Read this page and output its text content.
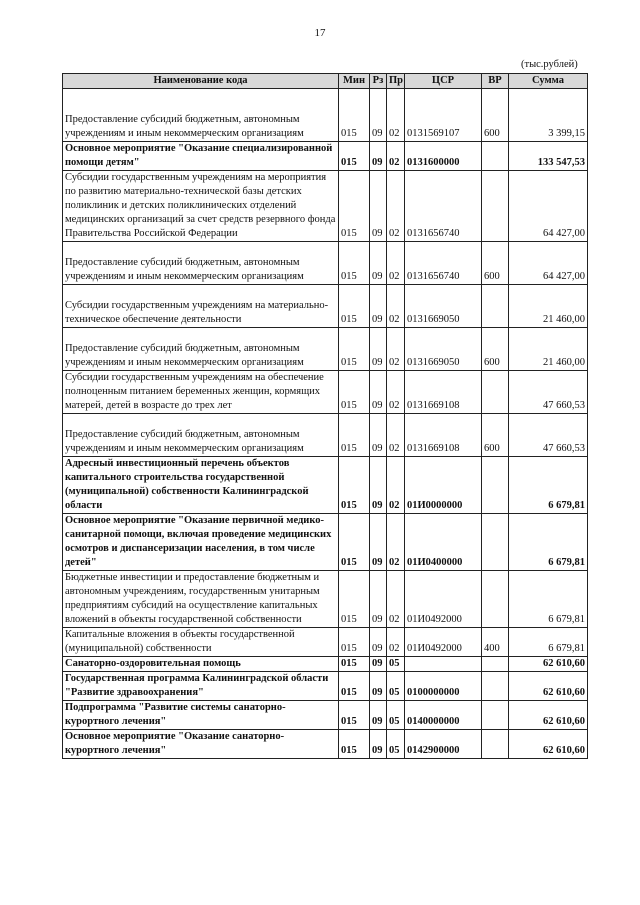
17
(тыс.рублей)
Наименование кода	Мин	Рз	Пр	ЦСР	ВР	Сумма
Предоставление субсидий бюджетным, автономным учреждениям и иным некоммерческим организациям	015	09	02	0131569107	600	3 399,15
Основное мероприятие "Оказание специализированной помощи детям"	015	09	02	0131600000		133 547,53
Субсидии государственным учреждениям на мероприятия по развитию материально-технической базы детских поликлиник и детских поликлинических отделений медицинских организаций за счет средств резервного фонда Правительства Российской Федерации	015	09	02	0131656740		64 427,00
Предоставление субсидий бюджетным, автономным учреждениям и иным некоммерческим организациям	015	09	02	0131656740	600	64 427,00
Субсидии государственным учреждениям на материально-техническое обеспечение деятельности	015	09	02	0131669050		21 460,00
Предоставление субсидий бюджетным, автономным учреждениям и иным некоммерческим организациям	015	09	02	0131669050	600	21 460,00
Субсидии государственным учреждениям на обеспечение полноценным питанием беременных женщин, кормящих матерей, детей в возрасте до трех лет	015	09	02	0131669108		47 660,53
Предоставление субсидий бюджетным, автономным учреждениям и иным некоммерческим организациям	015	09	02	0131669108	600	47 660,53
Адресный инвестиционный перечень объектов капитального строительства государственной (муниципальной) собственности Калининградской области	015	09	02	01И0000000		6 679,81
Основное мероприятие "Оказание первичной медико-санитарной помощи, включая проведение медицинских осмотров и диспансеризации населения, в том числе детей"	015	09	02	01И0400000		6 679,81
Бюджетные инвестиции и предоставление бюджетным и автономным учреждениям, государственным унитарным предприятиям субсидий на осуществление капитальных вложений в объекты государственной собственности	015	09	02	01И0492000		6 679,81
Капитальные вложения в объекты государственной (муниципальной) собственности	015	09	02	01И0492000	400	6 679,81
Санаторно-оздоровительная помощь	015	09	05			62 610,60
Государственная программа Калининградской области "Развитие здравоохранения"	015	09	05	0100000000		62 610,60
Подпрограмма "Развитие системы санаторно-курортного лечения"	015	09	05	0140000000		62 610,60
Основное мероприятие "Оказание санаторно-курортного лечения"	015	09	05	0142900000		62 610,60
